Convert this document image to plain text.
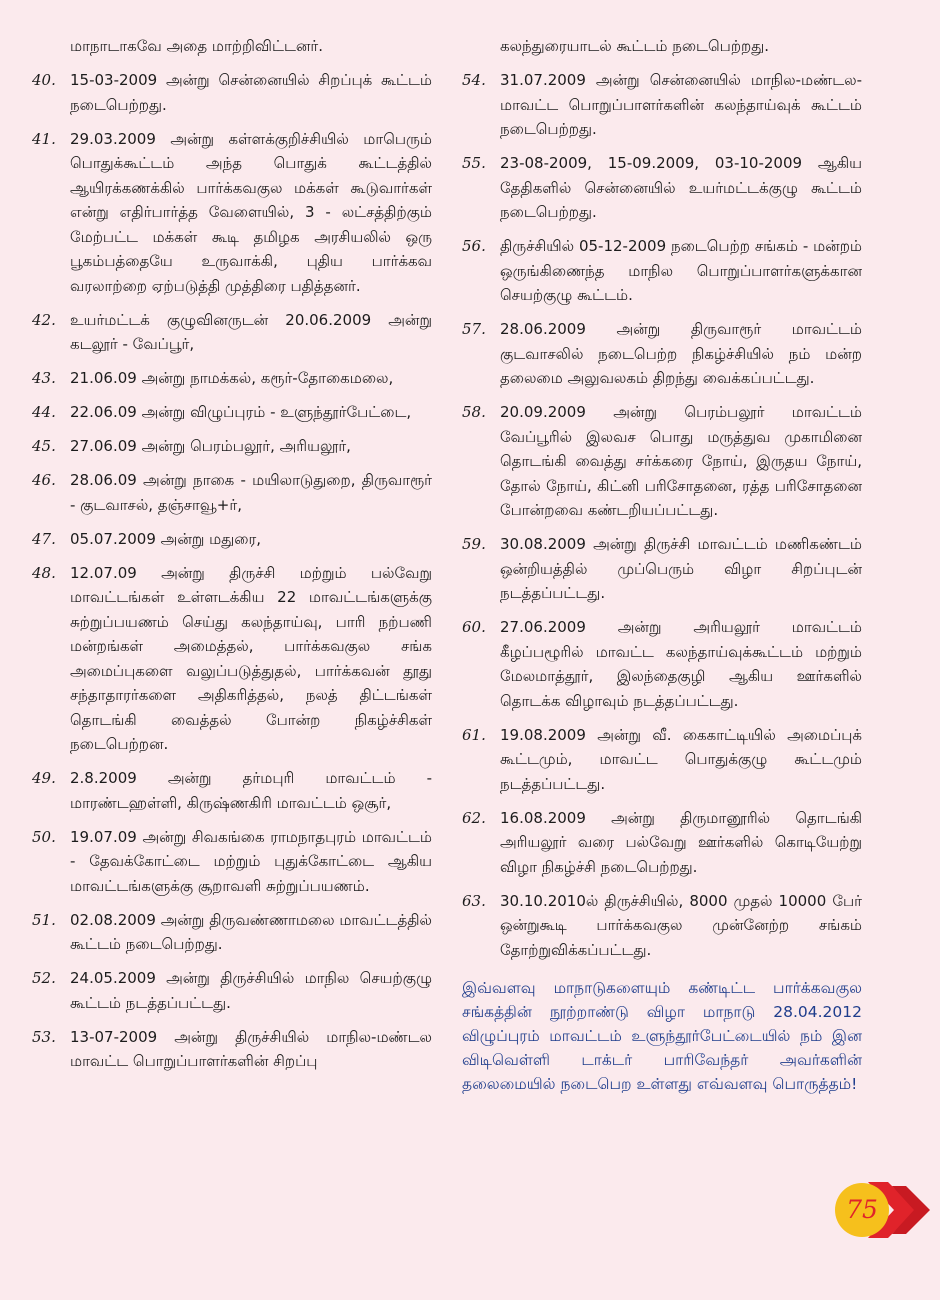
மாநாடாகவே அதை மாற்றிவிட்டனர்.
40. 15-03-2009 அன்று சென்னையில் சிறப்புக் கூட்டம் நடைபெற்றது.
41. 29.03.2009 அன்று கள்ளக்குறிச்சியில் மாபெரும் பொதுக்கூட்டம் அந்த பொதுக் கூட்டத்தில் ஆயிரக்கணக்கில் பார்க்கவகுல மக்கள் கூடுவார்கள் என்று எதிர்பார்த்த வேளையில், 3 - லட்சத்திற்கும் மேற்பட்ட மக்கள் கூடி தமிழக அரசியலில் ஒரு பூகம்பத்தையே உருவாக்கி, புதிய பார்க்கவ வரலாற்றை ஏற்படுத்தி முத்திரை பதித்தனர்.
42. உயர்மட்டக் குழுவினருடன் 20.06.2009 அன்று கடலூர் - வேப்பூர்,
43. 21.06.09 அன்று நாமக்கல், கரூர்-தோகைமலை,
44. 22.06.09 அன்று விழுப்புரம் - உளுந்தூர்பேட்டை,
45. 27.06.09 அன்று பெரம்பலூர், அரியலூர்,
46. 28.06.09 அன்று நாகை - மயிலாடுதுறை, திருவாரூர் - குடவாசல், தஞ்சாவூ+ர்,
47. 05.07.2009 அன்று மதுரை,
48. 12.07.09 அன்று திருச்சி மற்றும் பல்வேறு மாவட்டங்கள் உள்ளடக்கிய 22 மாவட்டங்களுக்கு சுற்றுப்பயணம் செய்து கலந்தாய்வு, பாரி நற்பணி மன்றங்கள் அமைத்தல், பார்க்கவகுல சங்க அமைப்புகளை வலுப்படுத்துதல், பார்க்கவன் தூது சந்தாதாரர்களை அதிகரித்தல், நலத் திட்டங்கள் தொடங்கி வைத்தல் போன்ற நிகழ்ச்சிகள் நடைபெற்றன.
49. 2.8.2009 அன்று தர்மபுரி மாவட்டம் - மாரண்டஹள்ளி, கிருஷ்ணகிரி மாவட்டம் ஒசூர்,
50. 19.07.09 அன்று சிவகங்கை ராமநாதபுரம் மாவட்டம் - தேவக்கோட்டை மற்றும் புதுக்கோட்டை ஆகிய மாவட்டங்களுக்கு சூறாவளி சுற்றுப்பயணம்.
51. 02.08.2009 அன்று திருவண்ணாமலை மாவட்டத்தில் கூட்டம் நடைபெற்றது.
52. 24.05.2009 அன்று திருச்சியில் மாநில செயற்குழு கூட்டம் நடத்தப்பட்டது.
53. 13-07-2009 அன்று திருச்சியில் மாநில-மண்டல மாவட்ட பொறுப்பாளர்களின் சிறப்பு
கலந்துரையாடல் கூட்டம் நடைபெற்றது.
54. 31.07.2009 அன்று சென்னையில் மாநில-மண்டல-மாவட்ட பொறுப்பாளர்களின் கலந்தாய்வுக் கூட்டம் நடைபெற்றது.
55. 23-08-2009, 15-09.2009, 03-10-2009 ஆகிய தேதிகளில் சென்னையில் உயர்மட்டக்குழு கூட்டம் நடைபெற்றது.
56. திருச்சியில் 05-12-2009 நடைபெற்ற சங்கம் - மன்றம் ஒருங்கிணைந்த மாநில பொறுப்பாளர்களுக்கான செயற்குழு கூட்டம்.
57. 28.06.2009 அன்று திருவாரூர் மாவட்டம் குடவாசலில் நடைபெற்ற நிகழ்ச்சியில் நம் மன்ற தலைமை அலுவலகம் திறந்து வைக்கப்பட்டது.
58. 20.09.2009 அன்று பெரம்பலூர் மாவட்டம் வேப்பூரில் இலவச பொது மருத்துவ முகாமினை தொடங்கி வைத்து சர்க்கரை நோய், இருதய நோய், தோல் நோய், கிட்னி பரிசோதனை, ரத்த பரிசோதனை போன்றவை கண்டறியப்பட்டது.
59. 30.08.2009 அன்று திருச்சி மாவட்டம் மணிகண்டம் ஒன்றியத்தில் முப்பெரும் விழா சிறப்புடன் நடத்தப்பட்டது.
60. 27.06.2009 அன்று அரியலூர் மாவட்டம் கீழப்பழூரில் மாவட்ட கலந்தாய்வுக்கூட்டம் மற்றும் மேலமாத்தூர், இலந்தைகுழி ஆகிய ஊர்களில் தொடக்க விழாவும் நடத்தப்பட்டது.
61. 19.08.2009 அன்று வீ. கைகாட்டியில் அமைப்புக் கூட்டமும், மாவட்ட பொதுக்குழு கூட்டமும் நடத்தப்பட்டது.
62. 16.08.2009 அன்று திருமானூரில் தொடங்கி அரியலூர் வரை பல்வேறு ஊர்களில் கொடியேற்று விழா நிகழ்ச்சி நடைபெற்றது.
63. 30.10.2010ல் திருச்சியில், 8000 முதல் 10000 பேர் ஒன்றுகூடி பார்க்கவகுல முன்னேற்ற சங்கம் தோற்றுவிக்கப்பட்டது.
இவ்வளவு மாநாடுகளையும் கண்டிட்ட பார்க்கவகுல சங்கத்தின் நூற்றாண்டு விழா மாநாடு 28.04.2012 விழுப்புரம் மாவட்டம் உளுந்தூர்பேட்டையில் நம் இன விடிவெள்ளி டாக்டர் பாரிவேந்தர் அவர்களின் தலைமையில் நடைபெற உள்ளது எவ்வளவு பொருத்தம்!
75
